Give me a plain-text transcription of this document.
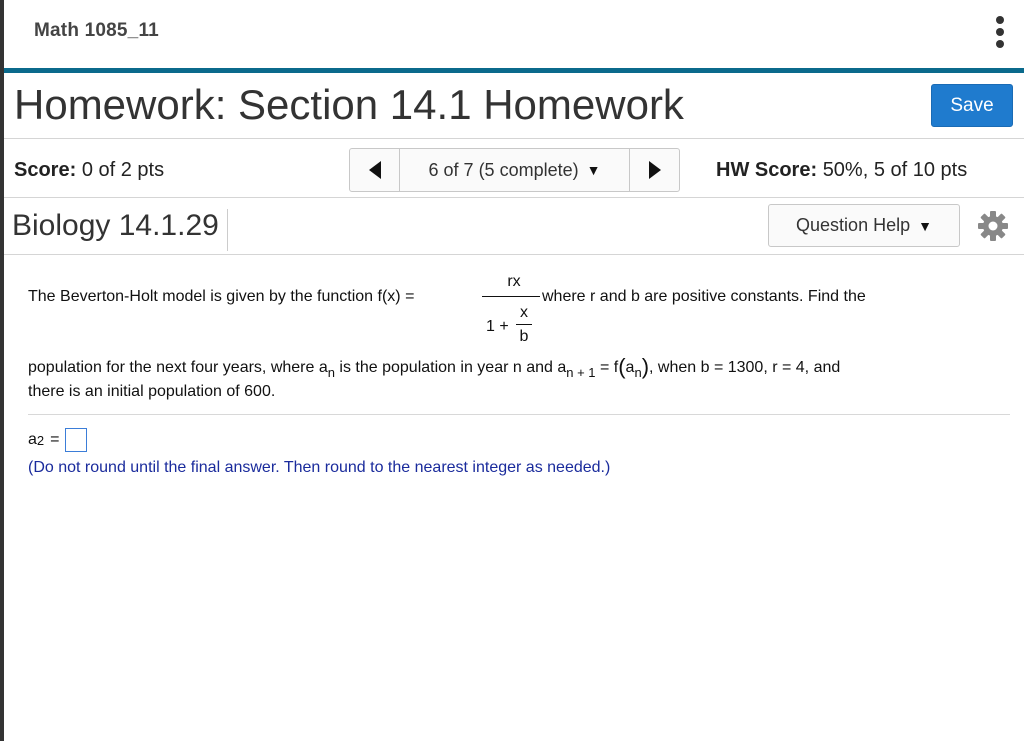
Math 1085_11
Homework: Section 14.1 Homework	Save
Score: 0 of 2 pts	6 of 7 (5 complete) ▼	HW Score: 50%, 5 of 10 pts
Biology 14.1.29	Question Help ▼
The Beverton-Holt model is given by the function f(x) =
rx
1 +
x
b
where r and b are positive constants. Find the
population for the next four years, where $a_n$ is the population in year n and $a_{n + 1} = f(a_n)$, when b = 1300, r = 4, and
there is an initial population of 600.
a 2 =
(Do not round until the final answer. Then round to the nearest integer as needed.)
